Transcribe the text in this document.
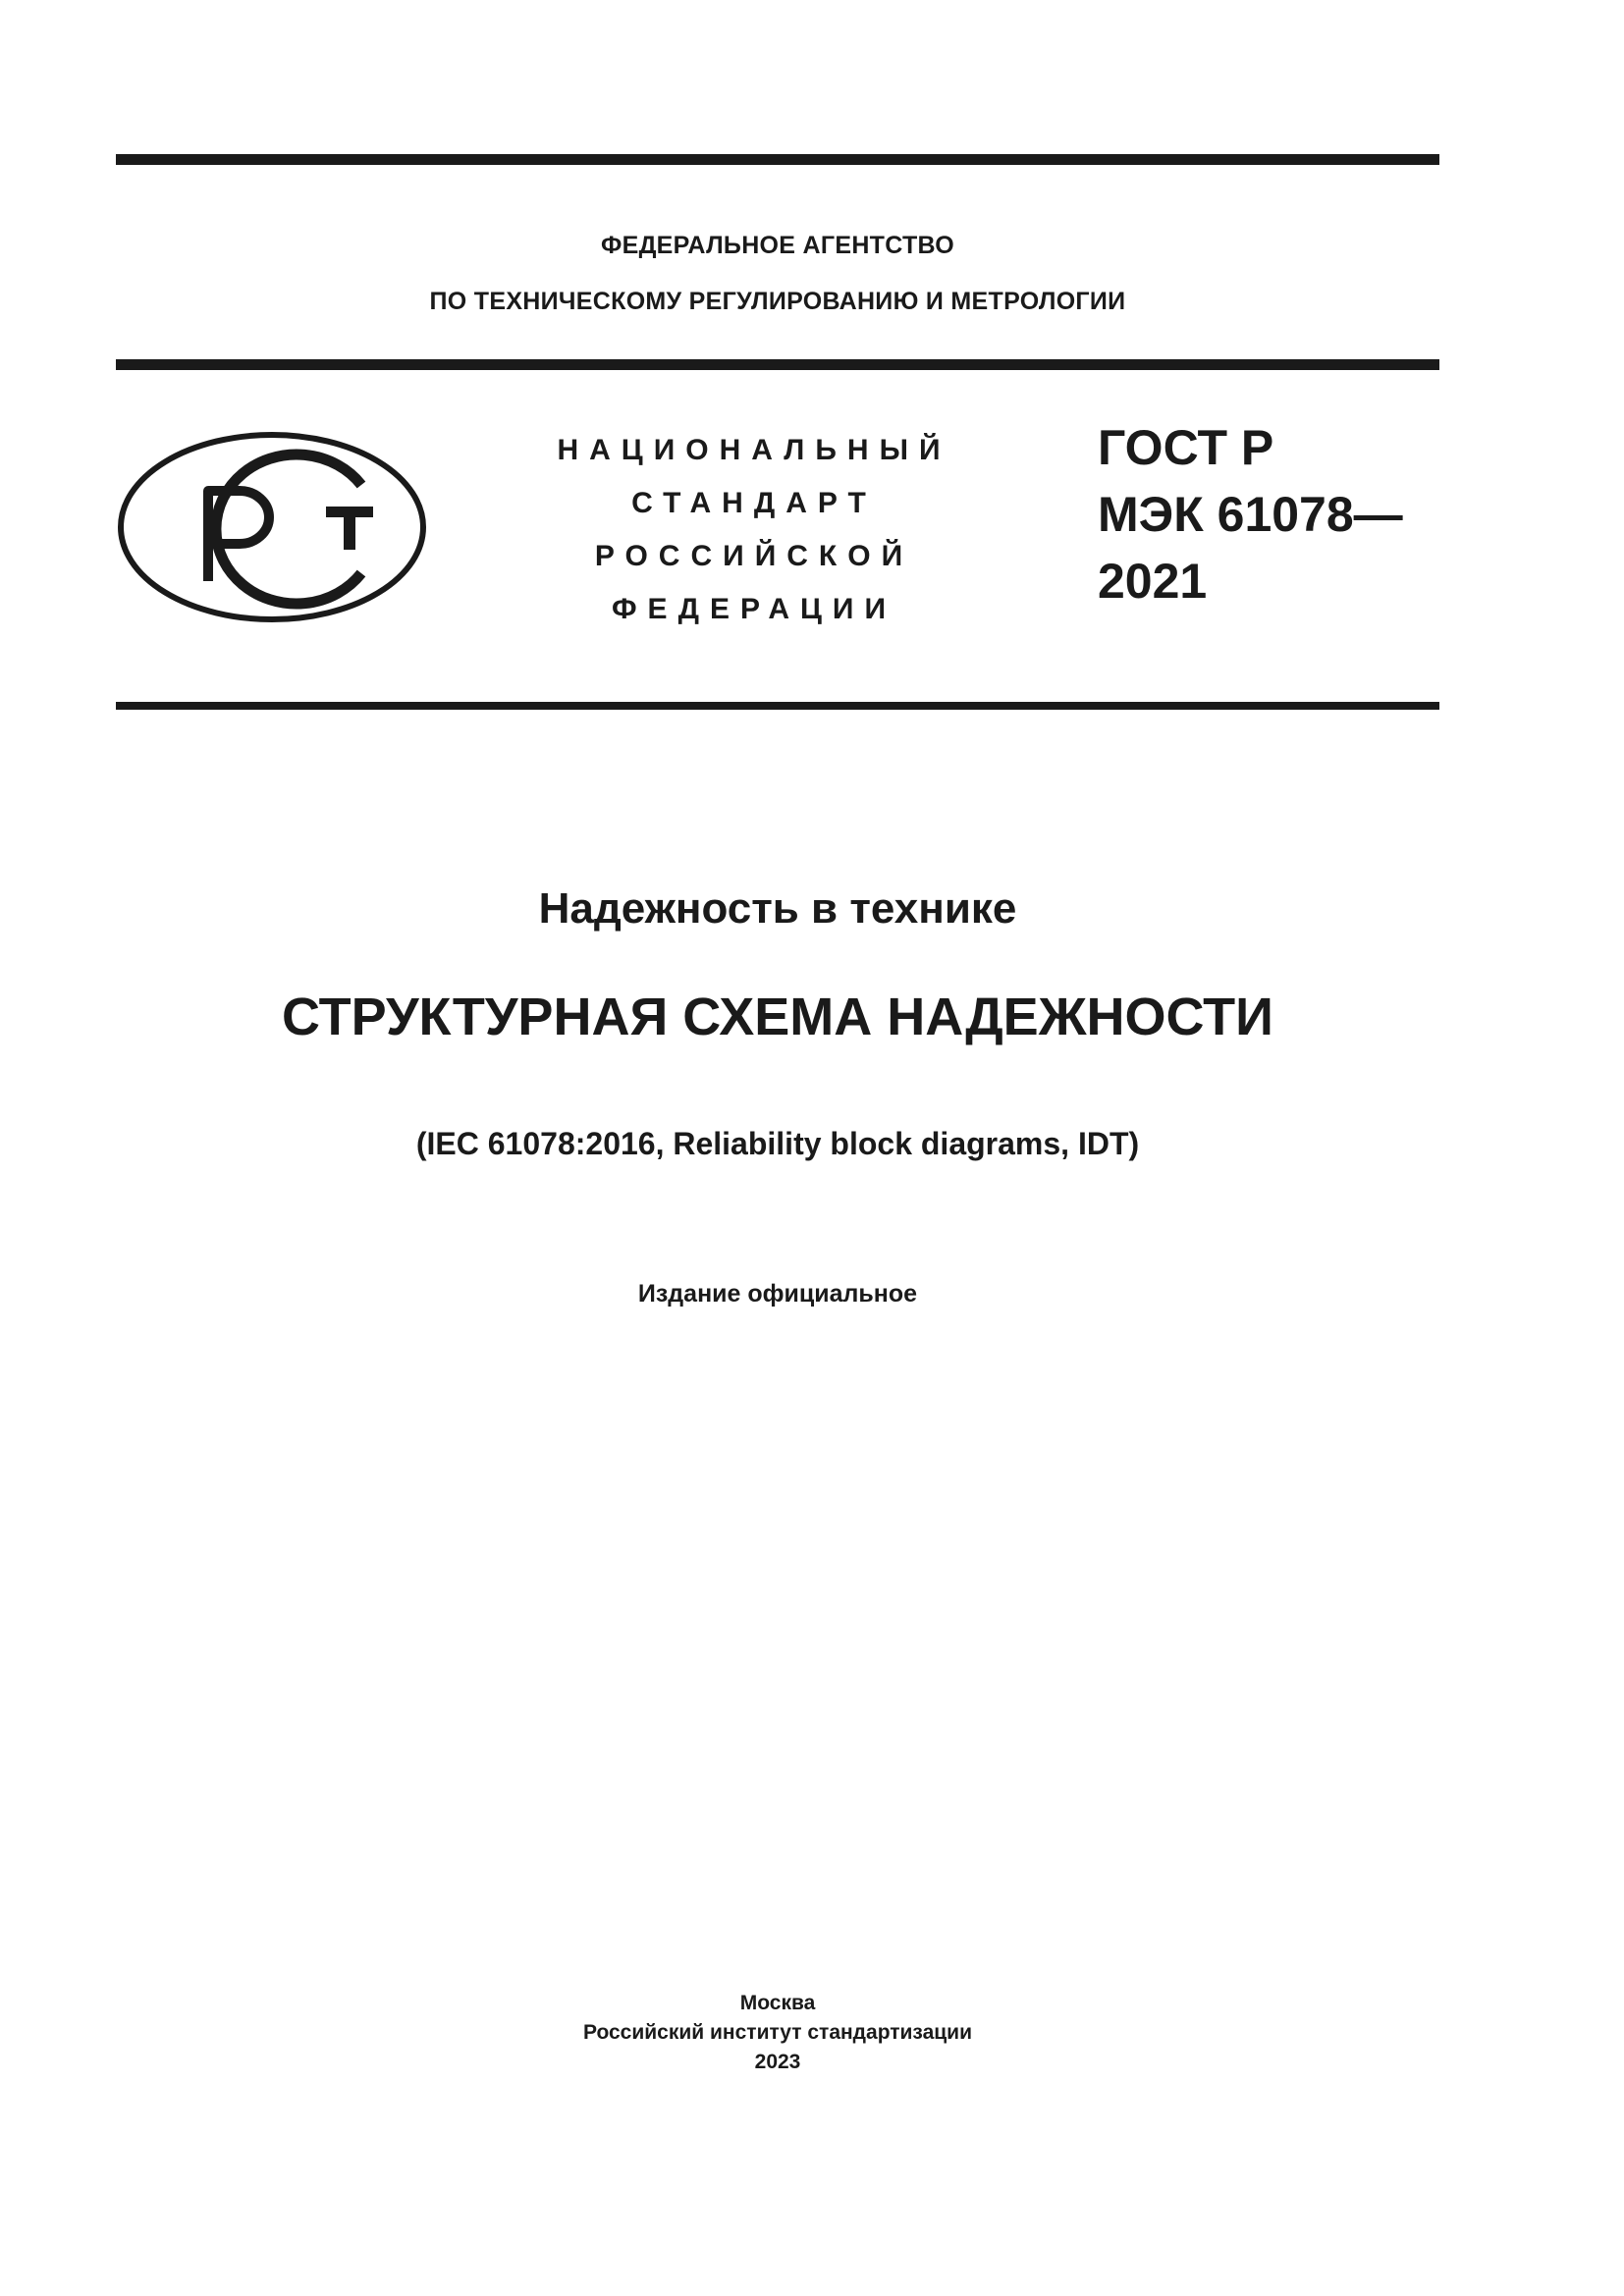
ФЕДЕРАЛЬНОЕ АГЕНТСТВО
ПО ТЕХНИЧЕСКОМУ РЕГУЛИРОВАНИЮ И МЕТРОЛОГИИ
НАЦИОНАЛЬНЫЙ
СТАНДАРТ
РОССИЙСКОЙ
ФЕДЕРАЦИИ
ГОСТ Р
МЭК 61078—
2021
Надежность в технике
СТРУКТУРНАЯ СХЕМА НАДЕЖНОСТИ
(IEC 61078:2016, Reliability block diagrams, IDT)
Издание официальное
Москва
Российский институт стандартизации
2023
